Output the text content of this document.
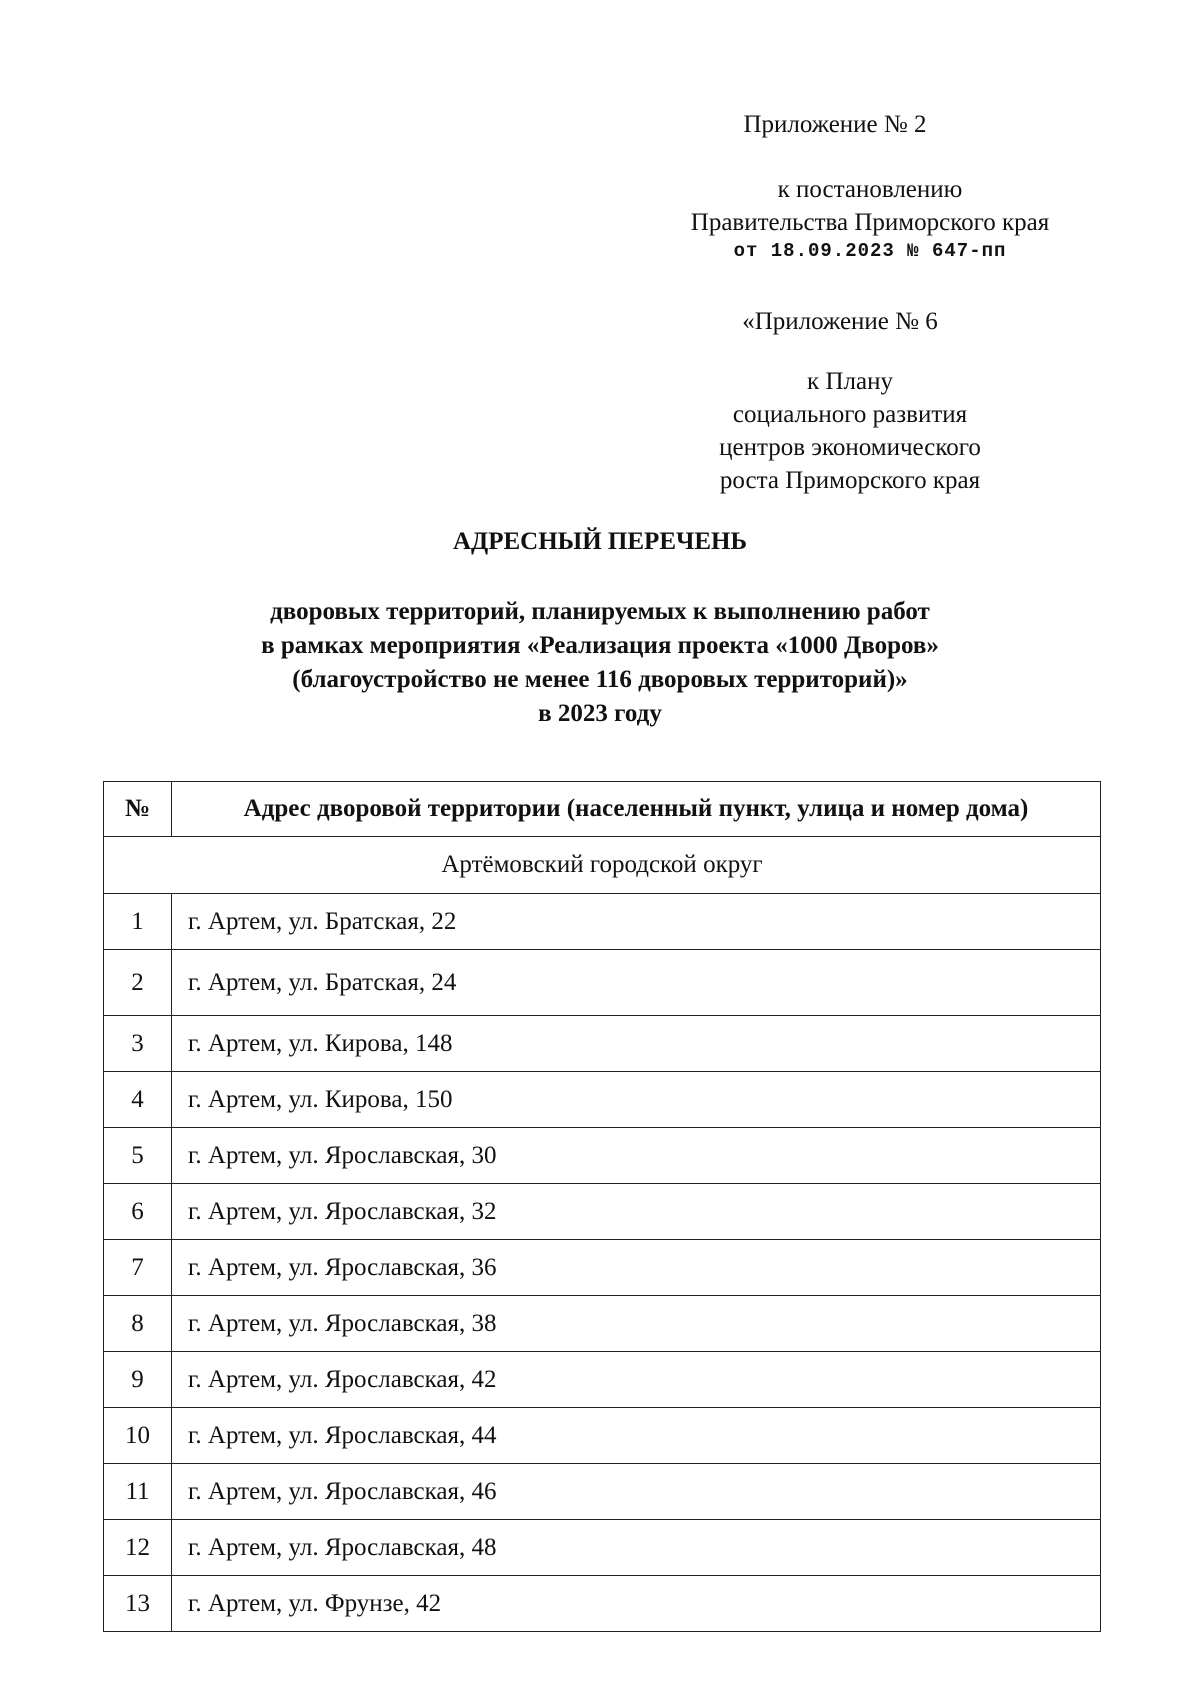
Приложение № 2
к постановлению
Правительства Приморского края
от 18.09.2023 № 647-пп
«Приложение № 6
к Плану
социального развития
центров экономического
роста Приморского края
АДРЕСНЫЙ ПЕРЕЧЕНЬ
дворовых территорий, планируемых к выполнению работ
в рамках мероприятия «Реализация проекта «1000 Дворов»
(благоустройство не менее 116 дворовых территорий)»
в 2023 году
№	Адрес дворовой территории (населенный пункт, улица и номер дома)
Артёмовский городской округ	
1	г. Артем, ул. Братская, 22
2	г. Артем, ул. Братская, 24
3	г. Артем, ул. Кирова, 148
4	г. Артем, ул. Кирова, 150
5	г. Артем, ул. Ярославская, 30
6	г. Артем, ул. Ярославская, 32
7	г. Артем, ул. Ярославская, 36
8	г. Артем, ул. Ярославская, 38
9	г. Артем, ул. Ярославская, 42
10	г. Артем, ул. Ярославская, 44
11	г. Артем, ул. Ярославская, 46
12	г. Артем, ул. Ярославская, 48
13	г. Артем, ул. Фрунзе, 42
